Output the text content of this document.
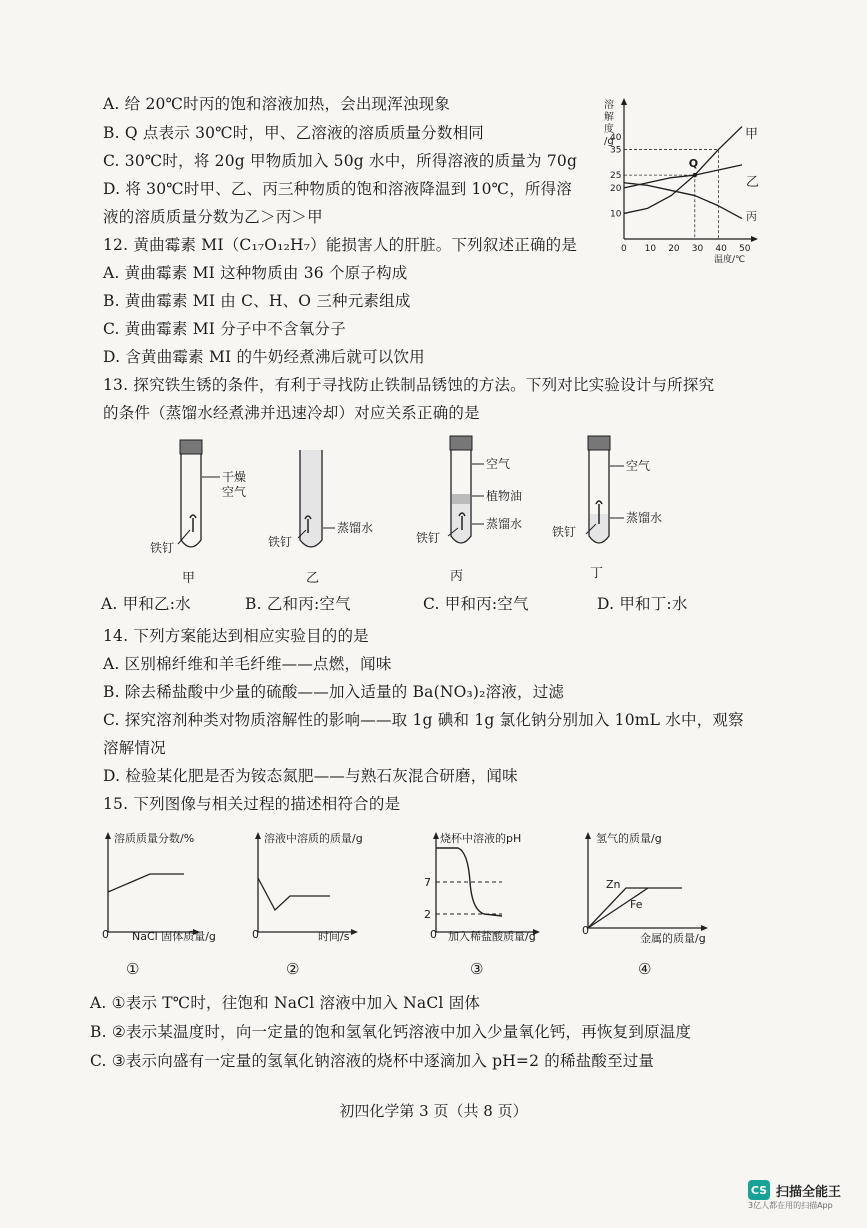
A. 给 20℃时丙的饱和溶液加热，会出现浑浊现象
B. Q 点表示 30℃时，甲、乙溶液的溶质质量分数相同
C. 30℃时，将 20g 甲物质加入 50g 水中，所得溶液的质量为 70g
D. 将 30℃时甲、乙、丙三种物质的饱和溶液降温到 10℃，所得溶
液的溶质质量分数为乙＞丙＞甲
溶
解
度
/g
0 10 20 30 40 50
10
20
25
35
40
Q
甲
乙
丙
温度/℃
12. 黄曲霉素 MI（C₁₇O₁₂H₇）能损害人的肝脏。下列叙述正确的是
A. 黄曲霉素 MI 这种物质由 36 个原子构成
B. 黄曲霉素 MI 由 C、H、O 三种元素组成
C. 黄曲霉素 MI 分子中不含氧分子
D. 含黄曲霉素 MI 的牛奶经煮沸后就可以饮用
13. 探究铁生锈的条件，有利于寻找防止铁制品锈蚀的方法。下列对比实验设计与所探究
的条件（蒸馏水经煮沸并迅速冷却）对应关系正确的是
干燥
空气
铁钉
甲
蒸馏水
铁钉
乙
空气
植物油
蒸馏水
铁钉
丙
空气
蒸馏水
铁钉
丁
A. 甲和乙:水	B. 乙和丙:空气	C. 甲和丙:空气	D. 甲和丁:水
14. 下列方案能达到相应实验目的的是
A. 区别棉纤维和羊毛纤维——点燃，闻味
B. 除去稀盐酸中少量的硫酸——加入适量的 Ba(NO₃)₂溶液，过滤
C. 探究溶剂种类对物质溶解性的影响——取 1g 碘和 1g 氯化钠分别加入 10mL 水中，观察
溶解情况
D. 检验某化肥是否为铵态氮肥——与熟石灰混合研磨，闻味
15. 下列图像与相关过程的描述相符合的是
溶质质量分数/%
0 NaCl 固体质量/g
①
溶液中溶质的质量/g
0	时间/s
②
烧杯中溶液的pH
7
2
0 加入稀盐酸质量/g
③
氢气的质量/g
Zn
Fe
0
金属的质量/g
④
A. ①表示 T℃时，往饱和 NaCl 溶液中加入 NaCl 固体
B. ②表示某温度时，向一定量的饱和氢氧化钙溶液中加入少量氧化钙，再恢复到原温度
C. ③表示向盛有一定量的氢氧化钠溶液的烧杯中逐滴加入 pH=2 的稀盐酸至过量
初四化学第 3 页（共 8 页）
CS 扫描全能王
3亿人都在用的扫描App
